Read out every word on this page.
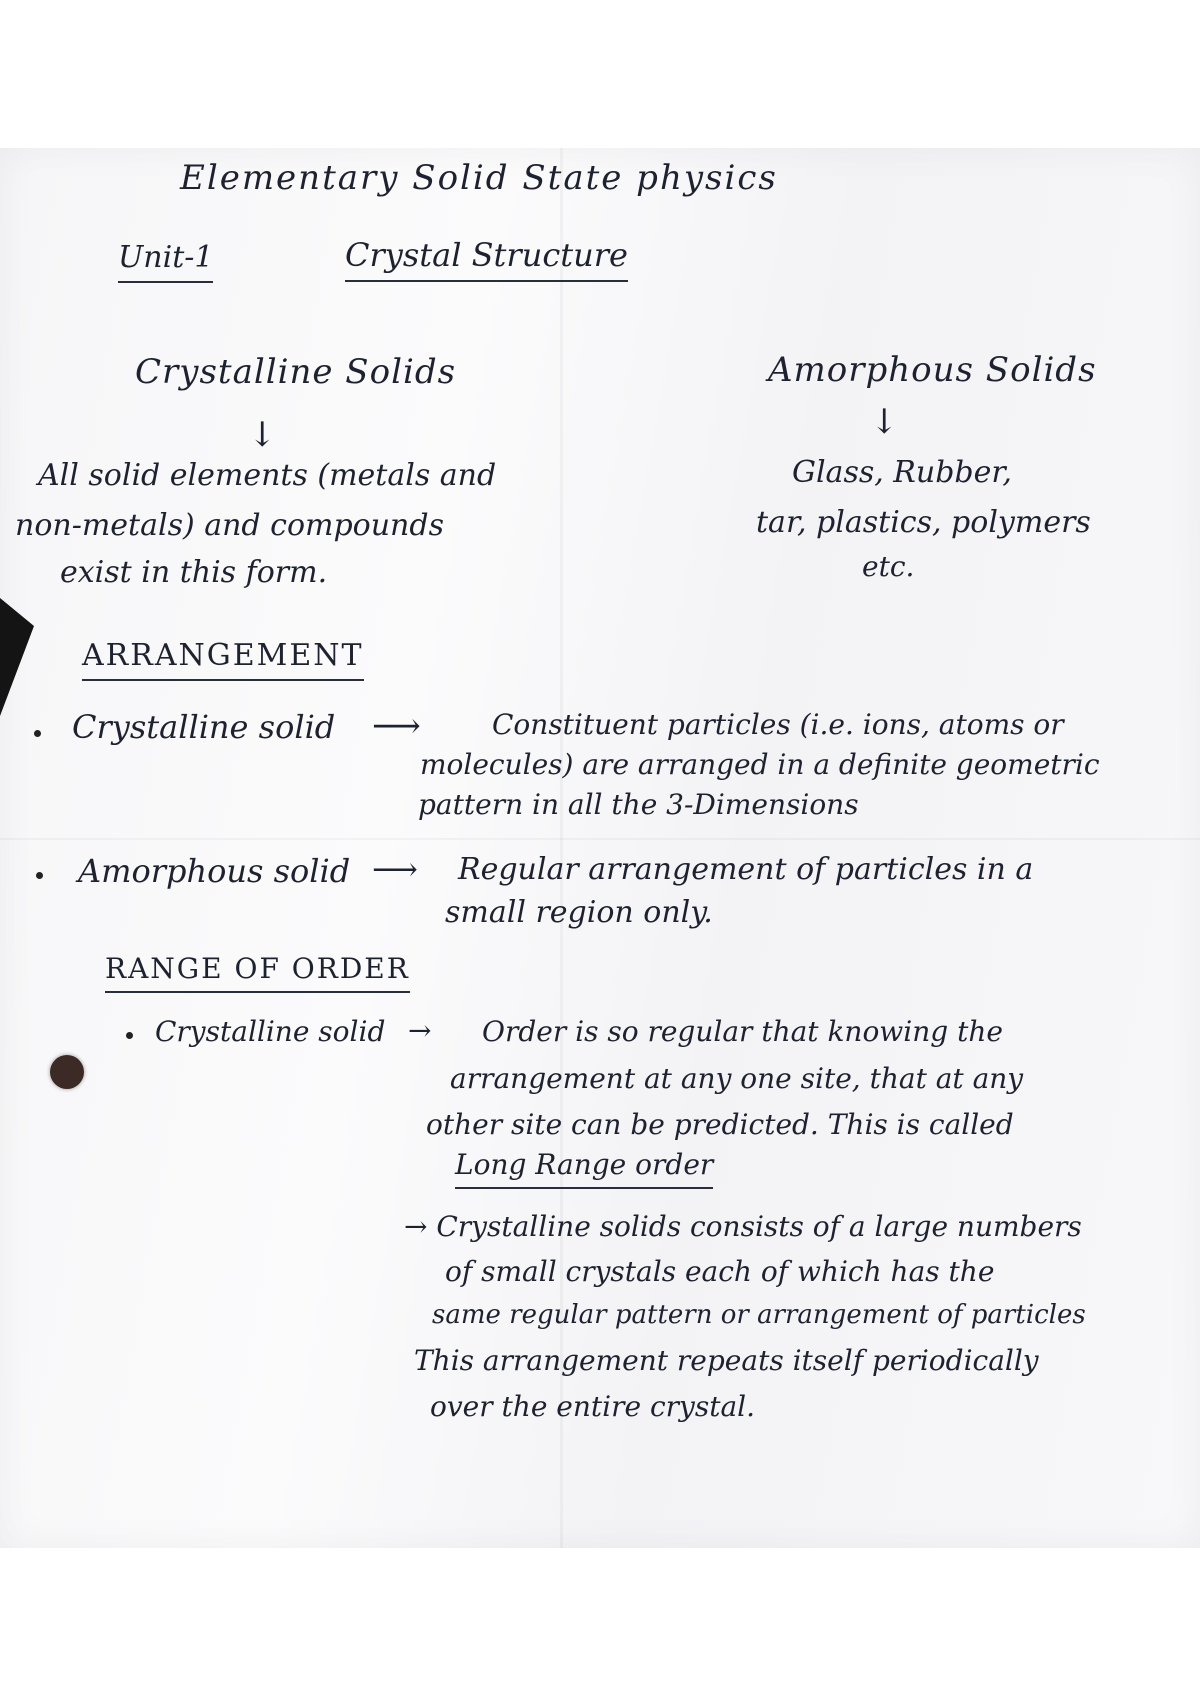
Elementary Solid State physics
Unit-1	Crystal Structure
Crystalline Solids
↓
All solid elements (metals and
non-metals) and compounds
exist in this form.
Amorphous Solids
↓
Glass, Rubber,
tar, plastics, polymers
etc.
ARRANGEMENT
Crystalline solid ⟶	Constituent particles (i.e. ions, atoms or
molecules) are arranged in a definite geometric
pattern in all the 3-Dimensions
Amorphous solid ⟶ Regular arrangement of particles in a
small region only.
RANGE OF ORDER
Crystalline solid → Order is so regular that knowing the
arrangement at any one site, that at any
other site can be predicted. This is called
Long Range order
→ Crystalline solids consists of a large numbers
of small crystals each of which has the
same regular pattern or arrangement of particles
This arrangement repeats itself periodically
over the entire crystal.
